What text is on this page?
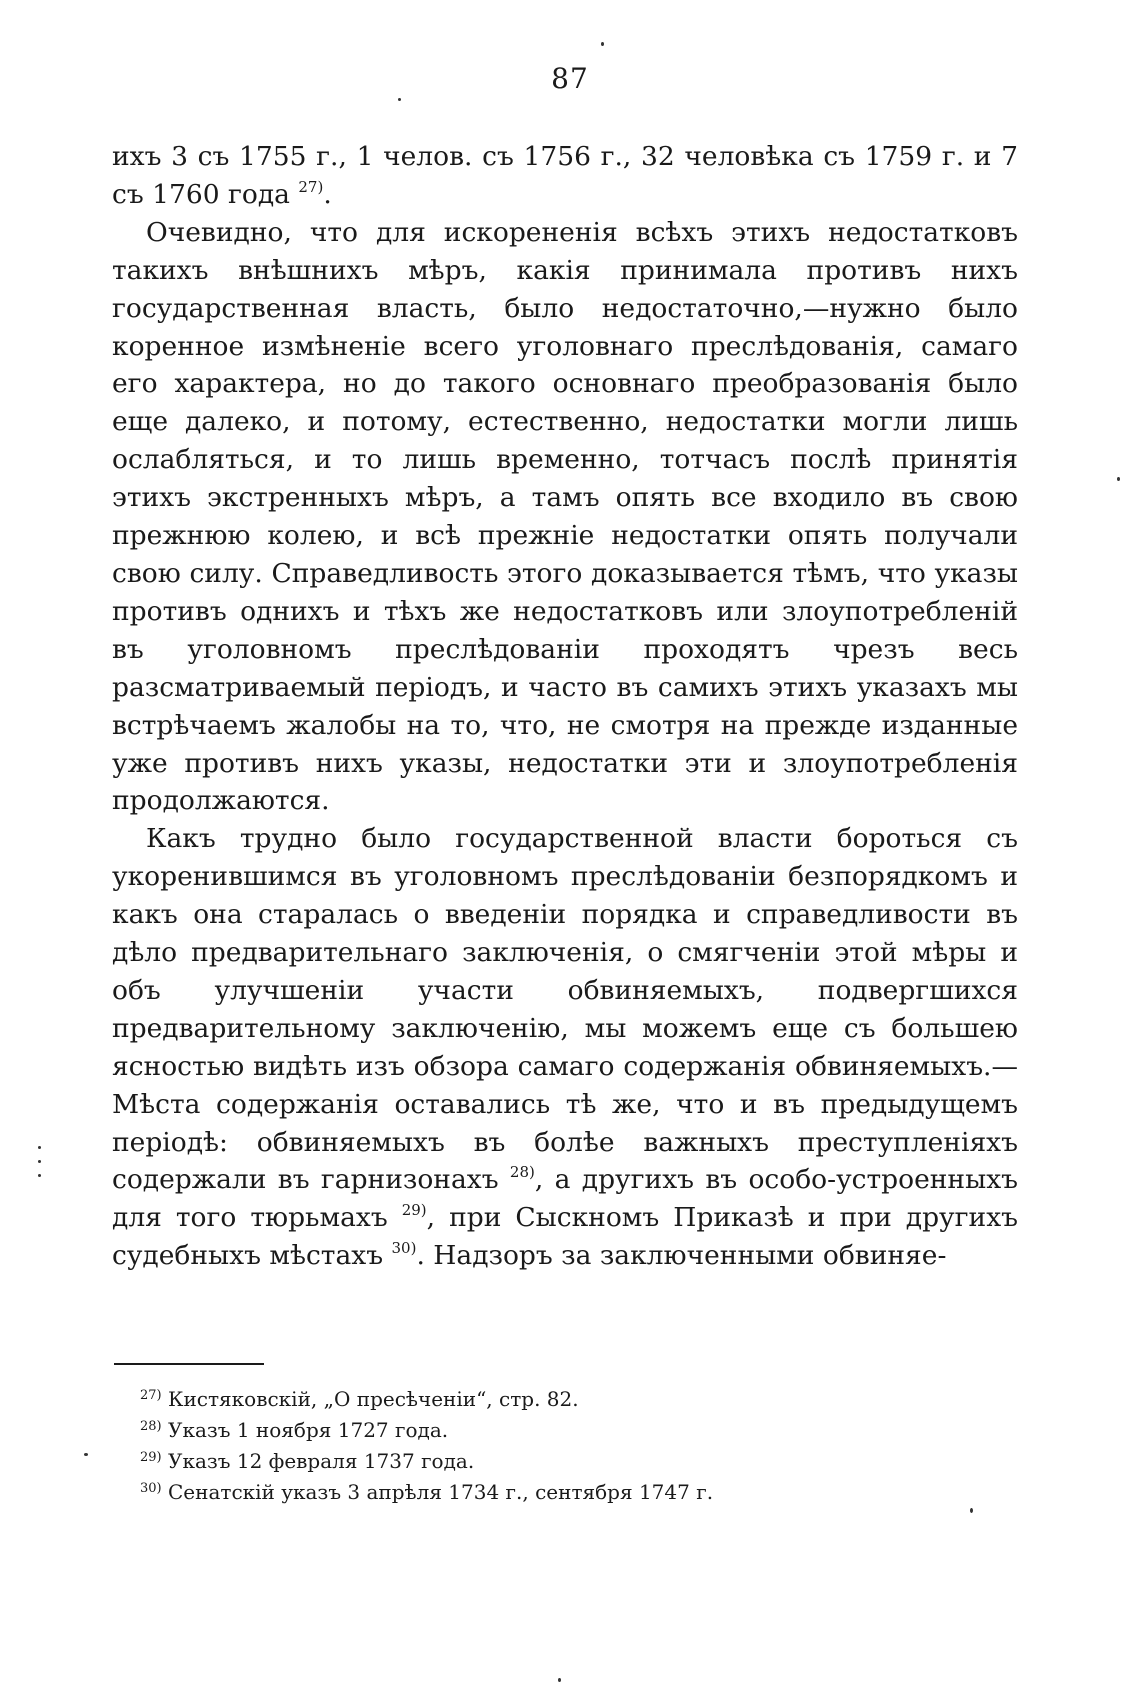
87

ихъ 3 съ 1755 г., 1 челов. съ 1756 г., 32 человѣка съ 1759 г. и 7 съ 1760 года $^{27)}$.

Очевидно, что для искорененія всѣхъ этихъ недостатковъ такихъ внѣшнихъ мѣръ, какія принимала противъ нихъ государственная власть, было недостаточно,—нужно было коренное измѣненіе всего уголовнаго преслѣдованія, самаго его характера, но до такого основнаго преобразованія было еще далеко, и потому, естественно, недостатки могли лишь ослабляться, и то лишь временно, тотчасъ послѣ принятія этихъ экстренныхъ мѣръ, а тамъ опять все входило въ свою прежнюю колею, и всѣ прежніе недостатки опять получали свою силу. Справедливость этого доказывается тѣмъ, что указы противъ однихъ и тѣхъ же недостатковъ или злоупотребленій въ уголовномъ преслѣдованіи проходятъ чрезъ весь разсматриваемый періодъ, и часто въ самихъ этихъ указахъ мы встрѣчаемъ жалобы на то, что, не смотря на прежде изданные уже противъ нихъ указы, недостатки эти и злоупотребленія продолжаются.

Какъ трудно было государственной власти бороться съ укоренившимся въ уголовномъ преслѣдованіи безпорядкомъ и какъ она старалась о введеніи порядка и справедливости въ дѣло предварительнаго заключенія, о смягченіи этой мѣры и объ улучшеніи участи обвиняемыхъ, подвергшихся предварительному заключенію, мы можемъ еще съ большею ясностью видѣть изъ обзора самаго содержанія обвиняемыхъ.—Мѣста содержанія оставались тѣ же, что и въ предыдущемъ періодѣ: обвиняемыхъ въ болѣе важныхъ преступленіяхъ содержали въ гарнизонахъ $^{28)}$, а другихъ въ особо-устроенныхъ для того тюрьмахъ $^{29)}$, при Сыскномъ Приказѣ и при другихъ судебныхъ мѣстахъ $^{30)}$. Надзоръ за заключенными обвиняе-

$^{27)}$ Кистяковскій, „О пресѣченіи“, стр. 82.

$^{28)}$ Указъ 1 ноября 1727 года.

$^{29)}$ Указъ 12 февраля 1737 года.

$^{30)}$ Сенатскій указъ 3 апрѣля 1734 г., сентября 1747 г.
